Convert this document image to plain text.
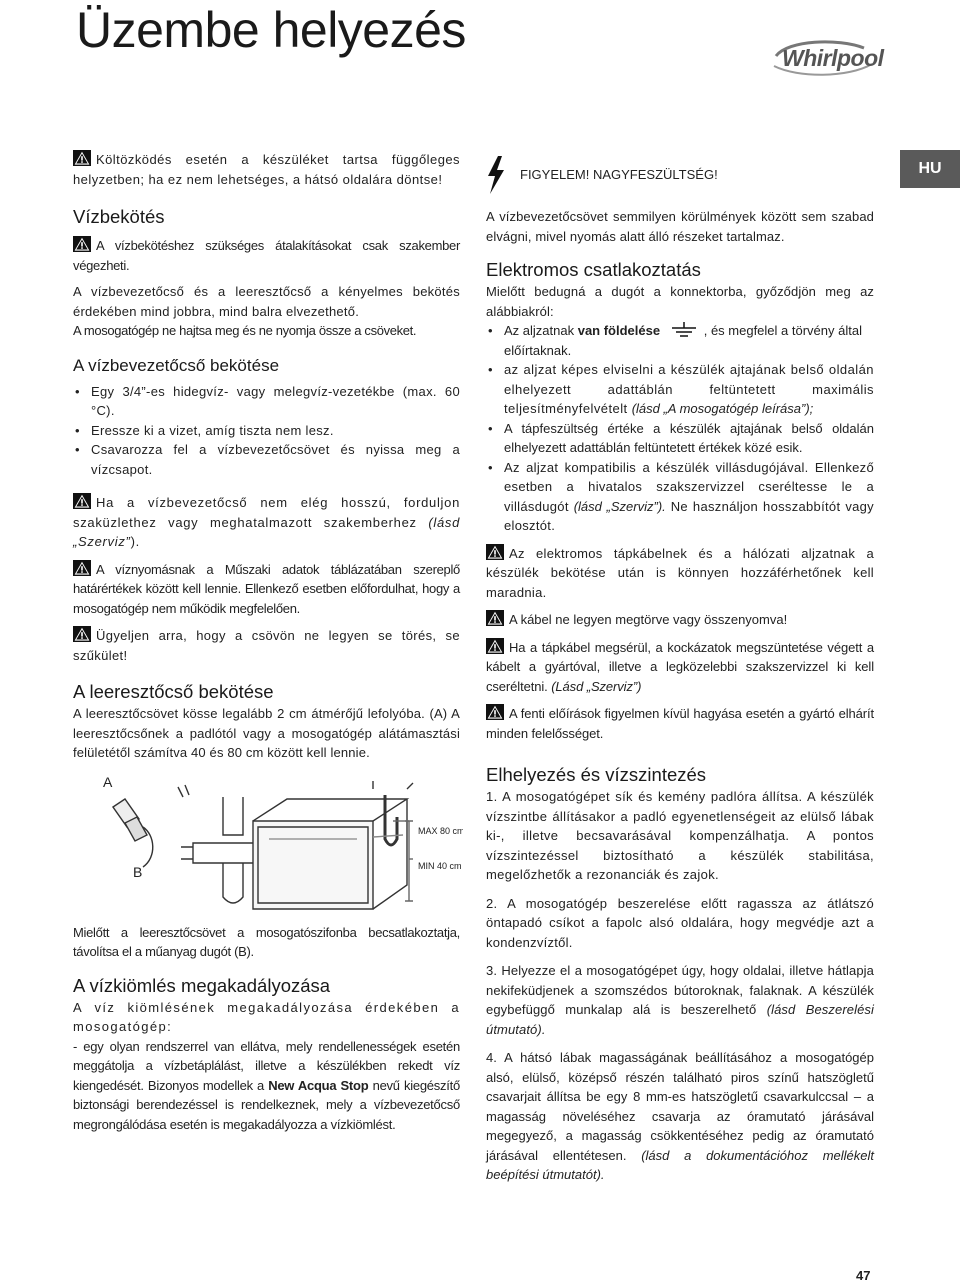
Üzembe helyezés	Whirlpool
HU

Költözködés esetén a készüléket tartsa függőleges helyzetben; ha ez nem lehetséges, a hátsó oldalára döntse!

Vízbekötés

A vízbekötéshez szükséges átalakításokat csak szakember végezheti.

A vízbevezetőcső és a leeresztőcső a kényelmes bekötés érdekében mind jobbra, mind balra elvezethető.

A mosogatógép ne hajtsa meg és ne nyomja össze a csöveket.

A vízbevezetőcső bekötése

• Egy 3/4”-es hidegvíz- vagy melegvíz-vezetékbe (max. 60 °C).

• Eressze ki a vizet, amíg tiszta nem lesz.

• Csavarozza fel a vízbevezetőcsövet és nyissa meg a vízcsapot.

Ha a vízbevezetőcső nem elég hosszú, forduljon szaküzlethez vagy meghatalmazott szakemberhez (lásd „Szerviz”).

A víznyomásnak a Műszaki adatok táblázatában szereplő határértékek között kell lennie. Ellenkező esetben előfordulhat, hogy a mosogatógép nem működik megfelelően.

Ügyeljen arra, hogy a csövön ne legyen se törés, se szűkület!

A leeresztőcső bekötése

A leeresztőcsövet kösse legalább 2 cm átmérőjű lefolyóba. (A) A leeresztőcsőnek a padlótól vagy a mosogatógép alátámasztási felületétől számítva 40 és 80 cm között kell lennie.

A
B
MAX 80 cm
MIN 40 cm

Mielőtt a leeresztőcsövet a mosogatószifonba becsatlakoztatja, távolítsa el a műanyag dugót (B).

A vízkiömlés megakadályozása

A víz kiömlésének megakadályozása érdekében a mosogatógép:

- egy olyan rendszerrel van ellátva, mely rendellenességek esetén meggátolja a vízbetáplálást, illetve a készülékben rekedt víz kiengedését. Bizonyos modellek a New Acqua Stop nevű kiegészítő biztonsági berendezéssel is rendelkeznek, mely a vízbevezetőcső megrongálódása esetén is megakadályozza a vízkiömlést.

FIGYELEM! NAGYFESZÜLTSÉG!

A vízbevezetőcsövet semmilyen körülmények között sem szabad elvágni, mivel nyomás alatt álló részeket tartalmaz.

Elektromos csatlakoztatás

Mielőtt bedugná a dugót a konnektorba, győződjön meg az alábbiakról:

• Az aljzatnak van földelése	, és megfelel a törvény által előírtaknak.

• az aljzat képes elviselni a készülék ajtajának belső oldalán elhelyezett adattáblán feltüntetett maximális teljesítményfelvételt (lásd „A mosogatógép leírása”);

• A tápfeszültség értéke a készülék ajtajának belső oldalán elhelyezett adattáblán feltüntetett értékek közé esik.

• Az aljzat kompatibilis a készülék villásdugójával. Ellenkező esetben a hivatalos szakszervizzel cseréltesse le a villásdugót (lásd „Szerviz”). Ne használjon hosszabbítót vagy elosztót.

Az elektromos tápkábelnek és a hálózati aljzatnak a készülék bekötése után is könnyen hozzáférhetőnek kell maradnia.

A kábel ne legyen megtörve vagy összenyomva!

Ha a tápkábel megsérül, a kockázatok megszüntetése végett a kábelt a gyártóval, illetve a legközelebbi szakszervizzel ki kell cseréltetni. (Lásd „Szerviz”)

A fenti előírások figyelmen kívül hagyása esetén a gyártó elhárít minden felelősséget.

Elhelyezés és vízszintezés

1. A mosogatógépet sík és kemény padlóra állítsa. A készülék vízszintbe állításakor a padló egyenetlenségeit az elülső lábak ki-, illetve becsavarásával kompenzálhatja. A pontos vízszintezéssel biztosítható a készülék stabilitása, megelőzhetők a rezonanciák és zajok.

2. A mosogatógép beszerelése előtt ragassza az átlátszó öntapadó csíkot a fapolc alsó oldalára, hogy megvédje azt a kondenzvíztől.

3. Helyezze el a mosogatógépet úgy, hogy oldalai, illetve hátlapja nekifeküdjenek a szomszédos bútoroknak, falaknak. A készülék egybefüggő munkalap alá is beszerelhető (lásd Beszerelési útmutató).

4. A hátsó lábak magasságának beállításához a mosogatógép alsó, elülső, középső részén található piros színű hatszögletű csavarjait állítsa be egy 8 mm-es hatszögletű csavarkulccsal – a magasság növeléséhez csavarja az óramutató járásával megegyező, a magasság csökkentéséhez pedig az óramutató járásával ellentétesen. (lásd a dokumentációhoz mellékelt beépítési útmutatót).

47
